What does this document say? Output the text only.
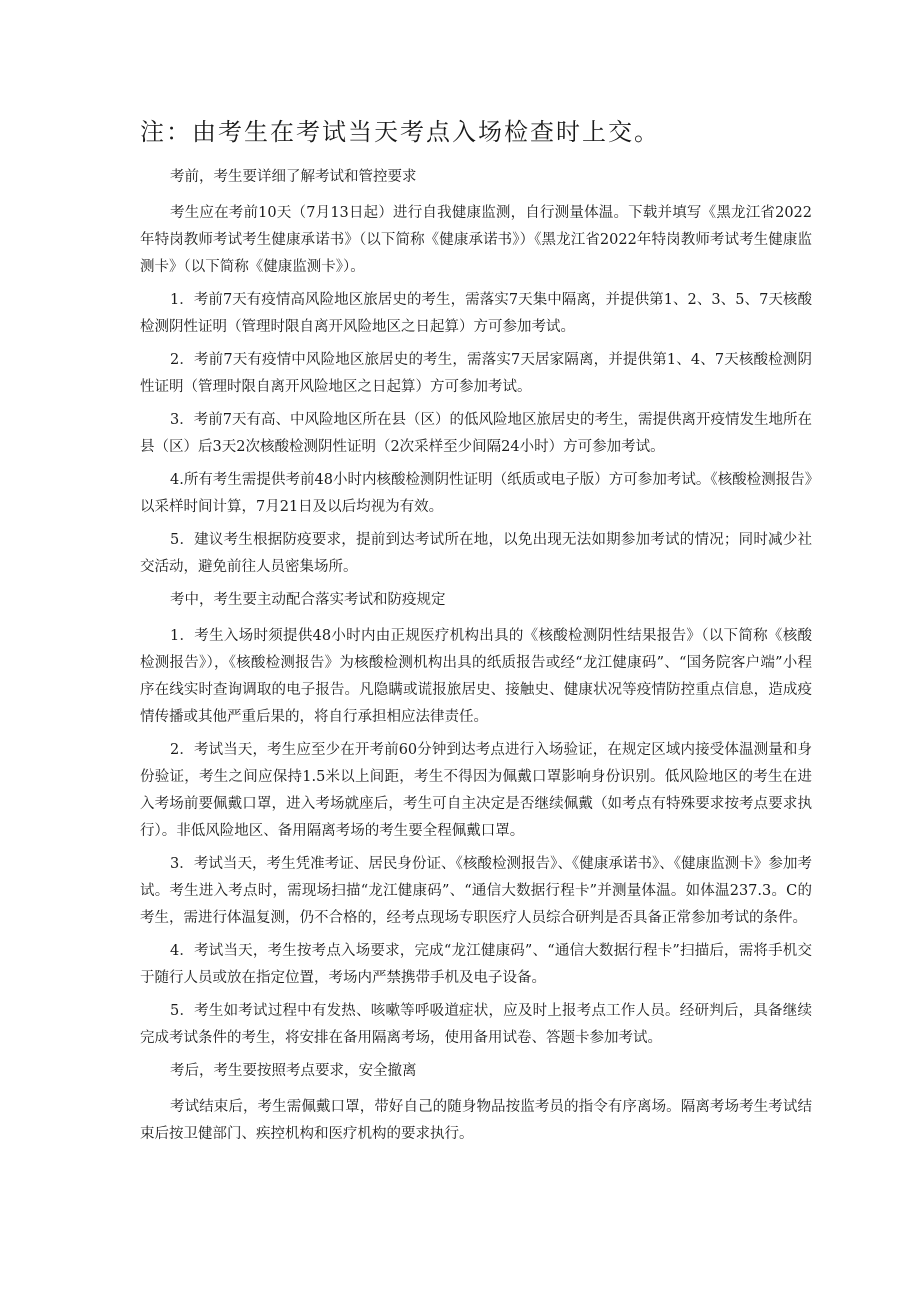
注：由考生在考试当天考点入场检查时上交。

考前，考生要详细了解考试和管控要求

考生应在考前10天（7月13日起）进行自我健康监测，自行测量体温。下载并填写《黑龙江省2022年特岗教师考试考生健康承诺书》（以下简称《健康承诺书》）《黑龙江省2022年特岗教师考试考生健康监测卡》（以下简称《健康监测卡》）。

1．考前7天有疫情高风险地区旅居史的考生，需落实7天集中隔离，并提供第1、2、3、5、7天核酸检测阴性证明（管理时限自离开风险地区之日起算）方可参加考试。

2．考前7天有疫情中风险地区旅居史的考生，需落实7天居家隔离，并提供第1、4、7天核酸检测阴性证明（管理时限自离开风险地区之日起算）方可参加考试。

3．考前7天有高、中风险地区所在县（区）的低风险地区旅居史的考生，需提供离开疫情发生地所在县（区）后3天2次核酸检测阴性证明（2次采样至少间隔24小时）方可参加考试。

4.所有考生需提供考前48小时内核酸检测阴性证明（纸质或电子版）方可参加考试。《核酸检测报告》以采样时间计算，7月21日及以后均视为有效。

5．建议考生根据防疫要求，提前到达考试所在地，以免出现无法如期参加考试的情况；同时减少社交活动，避免前往人员密集场所。

考中，考生要主动配合落实考试和防疫规定

1．考生入场时须提供48小时内由正规医疗机构出具的《核酸检测阴性结果报告》（以下简称《核酸检测报告》），《核酸检测报告》为核酸检测机构出具的纸质报告或经“龙江健康码”、“国务院客户端”小程序在线实时查询调取的电子报告。凡隐瞒或谎报旅居史、接触史、健康状况等疫情防控重点信息，造成疫情传播或其他严重后果的，将自行承担相应法律责任。

2．考试当天，考生应至少在开考前60分钟到达考点进行入场验证，在规定区域内接受体温测量和身份验证，考生之间应保持1.5米以上间距，考生不得因为佩戴口罩影响身份识别。低风险地区的考生在进入考场前要佩戴口罩，进入考场就座后，考生可自主决定是否继续佩戴（如考点有特殊要求按考点要求执行）。非低风险地区、备用隔离考场的考生要全程佩戴口罩。

3．考试当天，考生凭准考证、居民身份证、《核酸检测报告》、《健康承诺书》、《健康监测卡》参加考试。考生进入考点时，需现场扫描“龙江健康码”、“通信大数据行程卡”并测量体温。如体温237.3。C的考生，需进行体温复测，仍不合格的，经考点现场专职医疗人员综合研判是否具备正常参加考试的条件。

4．考试当天，考生按考点入场要求，完成“龙江健康码”、“通信大数据行程卡”扫描后，需将手机交于随行人员或放在指定位置，考场内严禁携带手机及电子设备。

5．考生如考试过程中有发热、咳嗽等呼吸道症状，应及时上报考点工作人员。经研判后，具备继续完成考试条件的考生，将安排在备用隔离考场，使用备用试卷、答题卡参加考试。

考后，考生要按照考点要求，安全撤离

考试结束后，考生需佩戴口罩，带好自己的随身物品按监考员的指令有序离场。隔离考场考生考试结束后按卫健部门、疾控机构和医疗机构的要求执行。
